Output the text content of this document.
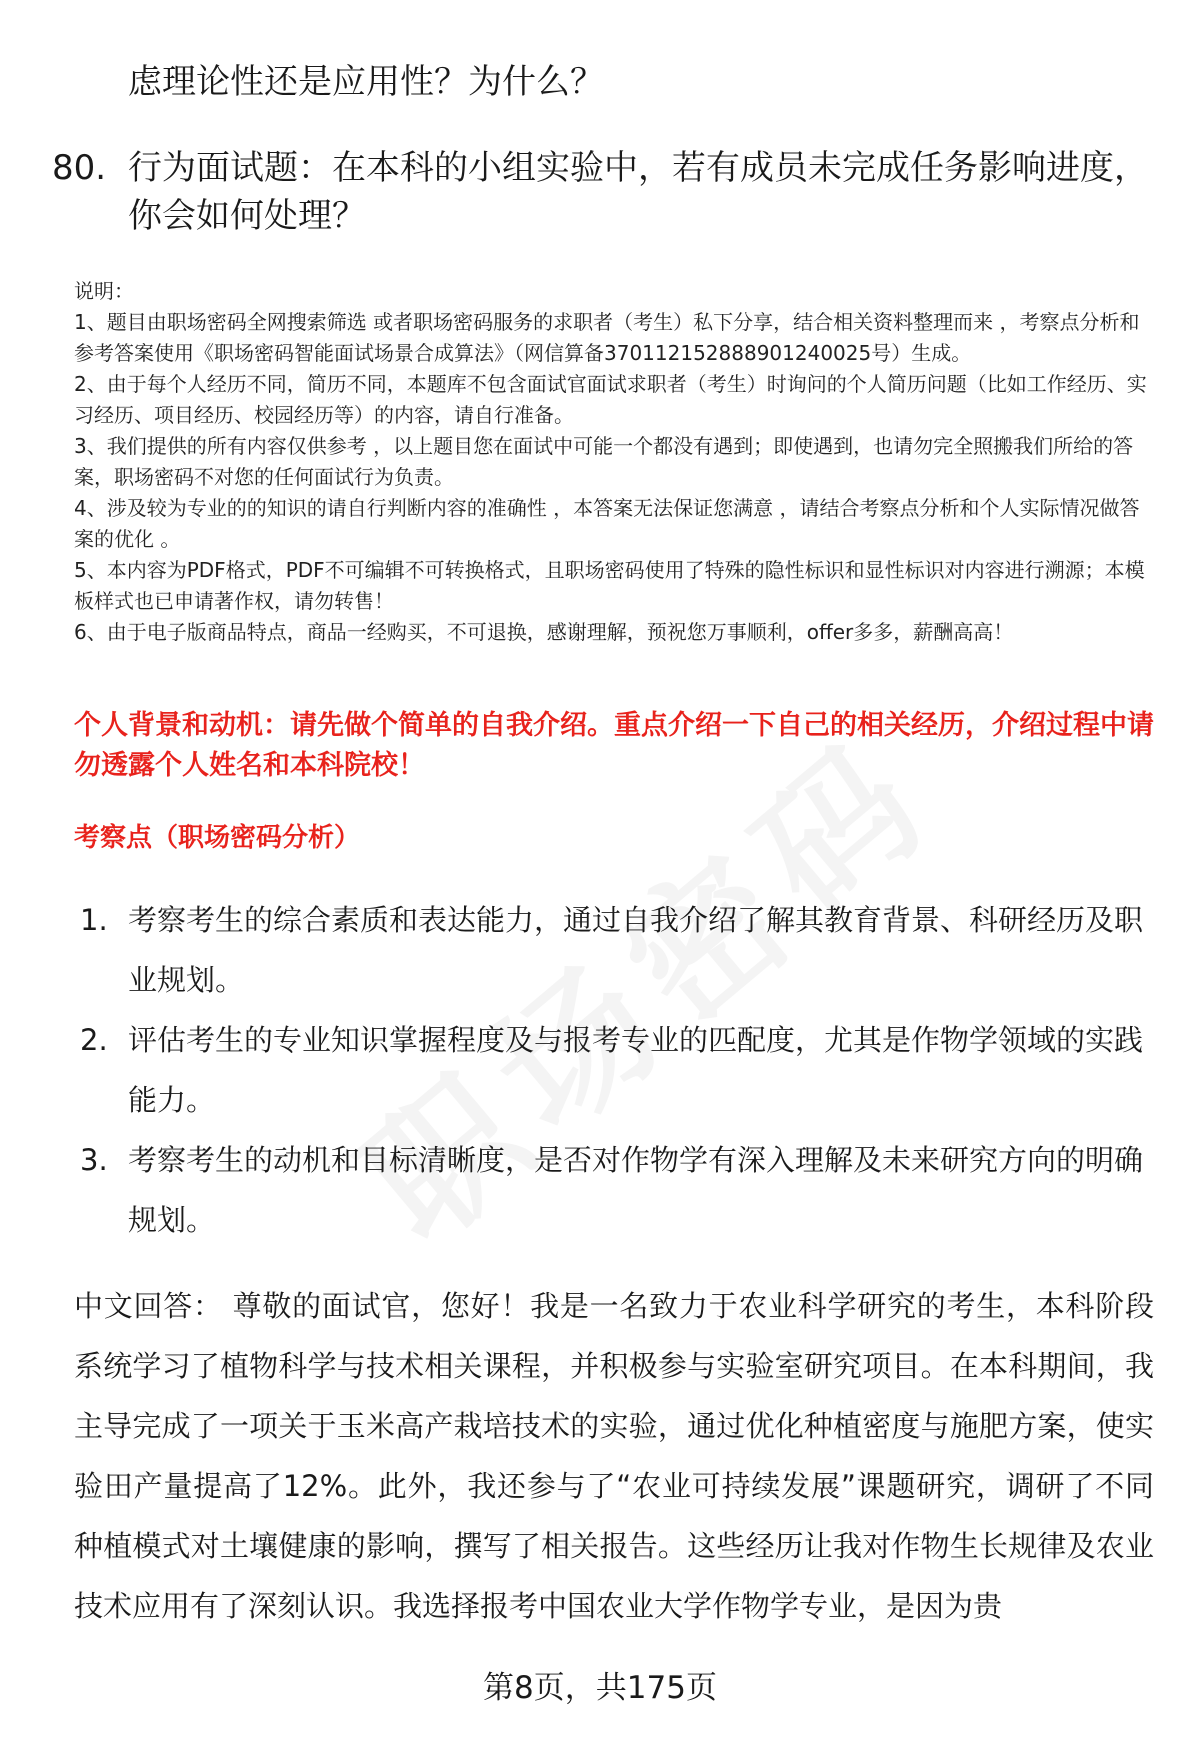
虑理论性还是应用性？为什么？
80. 行为面试题：在本科的小组实验中，若有成员未完成任务影响进度，你会如何处理？

说明：

1、题目由职场密码全网搜索筛选 或者职场密码服务的求职者（考生）私下分享，结合相关资料整理而来 ，考察点分析和参考答案使用《职场密码智能面试场景合成算法》（网信算备370112152888901240025号）生成。

2、由于每个人经历不同，简历不同，本题库不包含面试官面试求职者（考生）时询问的个人简历问题（比如工作经历、实习经历、项目经历、校园经历等）的内容，请自行准备。

3、我们提供的所有内容仅供参考 ，以上题目您在面试中可能一个都没有遇到；即使遇到，也请勿完全照搬我们所给的答案，职场密码不对您的任何面试行为负责。

4、涉及较为专业的的知识的请自行判断内容的准确性 ，本答案无法保证您满意 ，请结合考察点分析和个人实际情况做答案的优化 。

5、本内容为PDF格式，PDF不可编辑不可转换格式，且职场密码使用了特殊的隐性标识和显性标识对内容进行溯源；本模板样式也已申请著作权，请勿转售！

6、由于电子版商品特点，商品一经购买，不可退换，感谢理解，预祝您万事顺利，offer多多，薪酬高高！

个人背景和动机：请先做个简单的自我介绍。重点介绍一下自己的相关经历，介绍过程中请勿透露个人姓名和本科院校！
考察点（职场密码分析）
1. 考察考生的综合素质和表达能力，通过自我介绍了解其教育背景、科研经历及职业规划。
2. 评估考生的专业知识掌握程度及与报考专业的匹配度，尤其是作物学领域的实践能力。
3. 考察考生的动机和目标清晰度，是否对作物学有深入理解及未来研究方向的明确规划。
中文回答： 尊敬的面试官，您好！我是一名致力于农业科学研究的考生，本科阶段系统学习了植物科学与技术相关课程，并积极参与实验室研究项目。在本科期间，我主导完成了一项关于玉米高产栽培技术的实验，通过优化种植密度与施肥方案，使实验田产量提高了12%。此外，我还参与了“农业可持续发展”课题研究，调研了不同种植模式对土壤健康的影响，撰写了相关报告。这些经历让我对作物生长规律及农业技术应用有了深刻认识。我选择报考中国农业大学作物学专业，是因为贵
第8页，共175页
